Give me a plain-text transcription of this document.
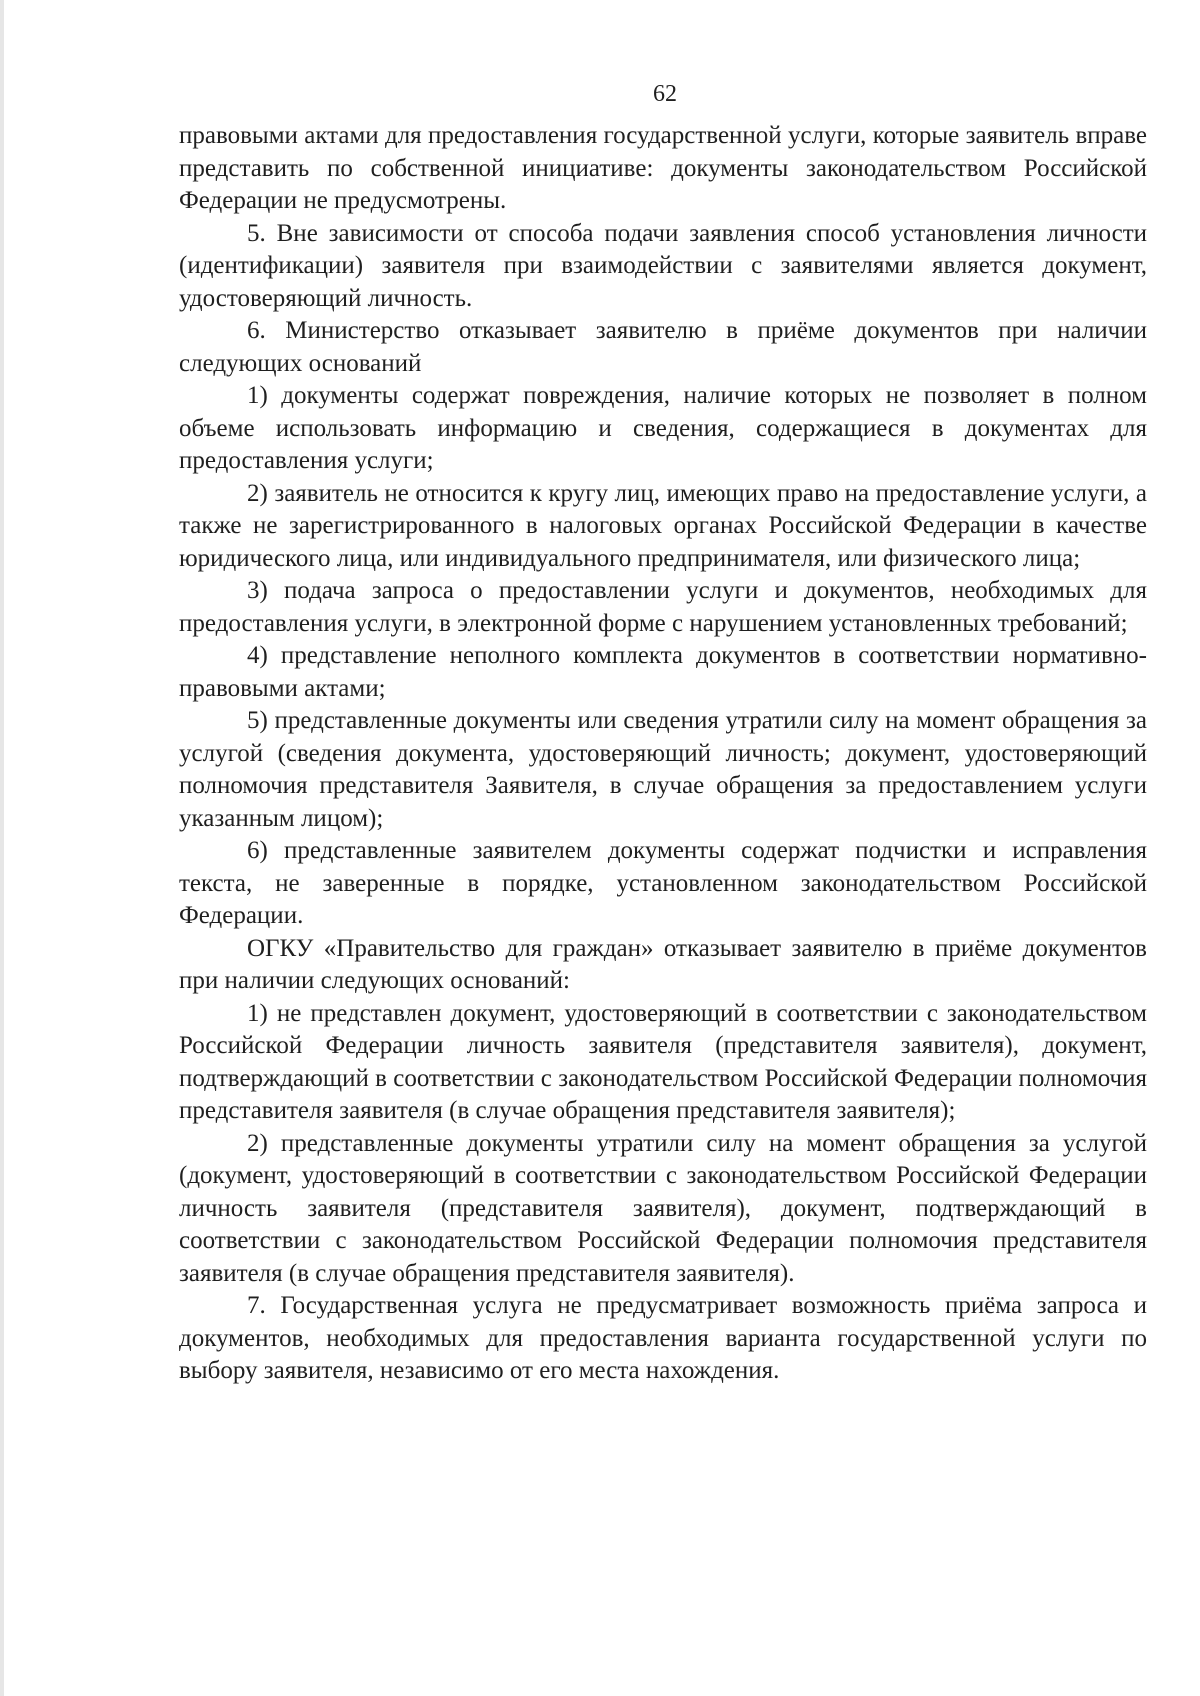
62

правовыми актами для предоставления государственной услуги, которые заявитель вправе представить по собственной инициативе: документы законодательством Российской Федерации не предусмотрены.

5. Вне зависимости от способа подачи заявления способ установления личности (идентификации) заявителя при взаимодействии с заявителями является документ, удостоверяющий личность.

6. Министерство отказывает заявителю в приёме документов при наличии следующих оснований

1) документы содержат повреждения, наличие которых не позволяет в полном объеме использовать информацию и сведения, содержащиеся в документах для предоставления услуги;

2) заявитель не относится к кругу лиц, имеющих право на предоставление услуги, а также не зарегистрированного в налоговых органах Российской Федерации в качестве юридического лица, или индивидуального предпринимателя, или физического лица;

3) подача запроса о предоставлении услуги и документов, необходимых для предоставления услуги, в электронной форме с нарушением установленных требований;

4) представление неполного комплекта документов в соответствии нормативно-правовыми актами;

5) представленные документы или сведения утратили силу на момент обращения за услугой (сведения документа, удостоверяющий личность; документ, удостоверяющий полномочия представителя Заявителя, в случае обращения за предоставлением услуги указанным лицом);

6) представленные заявителем документы содержат подчистки и исправления текста, не заверенные в порядке, установленном законодательством Российской Федерации.

ОГКУ «Правительство для граждан» отказывает заявителю в приёме документов при наличии следующих оснований:

1) не представлен документ, удостоверяющий в соответствии с законодательством Российской Федерации личность заявителя (представителя заявителя), документ, подтверждающий в соответствии с законодательством Российской Федерации полномочия представителя заявителя (в случае обращения представителя заявителя);

2) представленные документы утратили силу на момент обращения за услугой (документ, удостоверяющий в соответствии с законодательством Российской Федерации личность заявителя (представителя заявителя), документ, подтверждающий в соответствии с законодательством Российской Федерации полномочия представителя заявителя (в случае обращения представителя заявителя).

7. Государственная услуга не предусматривает возможность приёма запроса и документов, необходимых для предоставления варианта государственной услуги по выбору заявителя, независимо от его места нахождения.
